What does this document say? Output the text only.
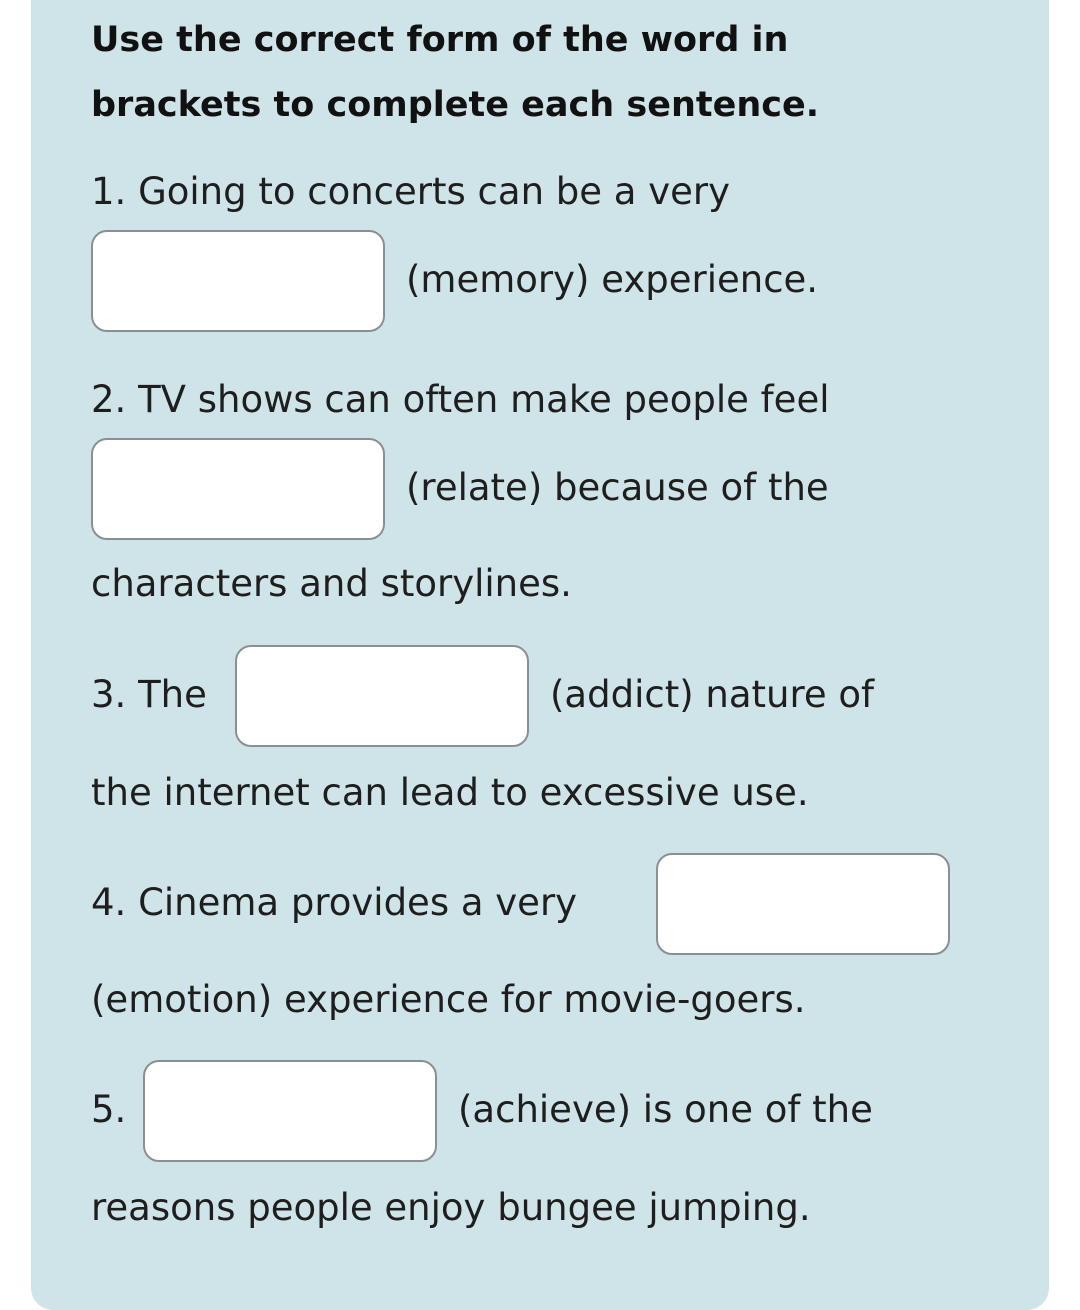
Use the correct form of the word in
brackets to complete each sentence.
1. Going to concerts can be a very
(memory) experience.
2. TV shows can often make people feel
(relate) because of the
characters and storylines.
3. The	(addict) nature of
the internet can lead to excessive use.
4. Cinema provides a very
(emotion) experience for movie-goers.
5.	(achieve) is one of the
reasons people enjoy bungee jumping.
